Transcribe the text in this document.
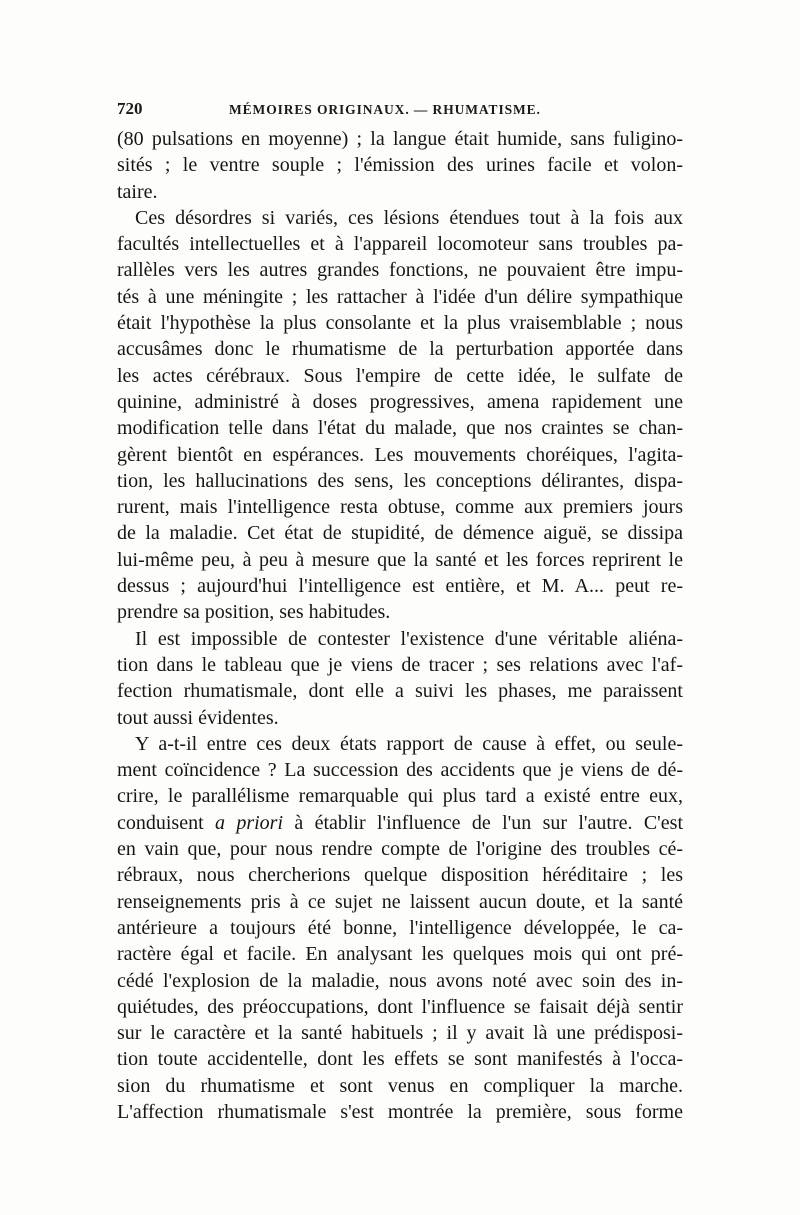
720	MÉMOIRES ORIGINAUX. — RHUMATISME.
(80 pulsations en moyenne) ; la langue était humide, sans fuligino-
sités ; le ventre souple ; l'émission des urines facile et volon-
taire.
Ces désordres si variés, ces lésions étendues tout à la fois aux
facultés intellectuelles et à l'appareil locomoteur sans troubles pa-
rallèles vers les autres grandes fonctions, ne pouvaient être impu-
tés à une méningite ; les rattacher à l'idée d'un délire sympathique
était l'hypothèse la plus consolante et la plus vraisemblable ; nous
accusâmes donc le rhumatisme de la perturbation apportée dans
les actes cérébraux. Sous l'empire de cette idée, le sulfate de
quinine, administré à doses progressives, amena rapidement une
modification telle dans l'état du malade, que nos craintes se chan-
gèrent bientôt en espérances. Les mouvements choréiques, l'agita-
tion, les hallucinations des sens, les conceptions délirantes, dispa-
rurent, mais l'intelligence resta obtuse, comme aux premiers jours
de la maladie. Cet état de stupidité, de démence aiguë, se dissipa
lui-même peu, à peu à mesure que la santé et les forces reprirent le
dessus ; aujourd'hui l'intelligence est entière, et M. A... peut re-
prendre sa position, ses habitudes.
Il est impossible de contester l'existence d'une véritable aliéna-
tion dans le tableau que je viens de tracer ; ses relations avec l'af-
fection rhumatismale, dont elle a suivi les phases, me paraissent
tout aussi évidentes.
Y a-t-il entre ces deux états rapport de cause à effet, ou seule-
ment coïncidence ? La succession des accidents que je viens de dé-
crire, le parallélisme remarquable qui plus tard a existé entre eux,
conduisent a priori à établir l'influence de l'un sur l'autre. C'est
en vain que, pour nous rendre compte de l'origine des troubles cé-
rébraux, nous chercherions quelque disposition héréditaire ; les
renseignements pris à ce sujet ne laissent aucun doute, et la santé
antérieure a toujours été bonne, l'intelligence développée, le ca-
ractère égal et facile. En analysant les quelques mois qui ont pré-
cédé l'explosion de la maladie, nous avons noté avec soin des in-
quiétudes, des préoccupations, dont l'influence se faisait déjà sentir
sur le caractère et la santé habituels ; il y avait là une prédisposi-
tion toute accidentelle, dont les effets se sont manifestés à l'occa-
sion du rhumatisme et sont venus en compliquer la marche.
L'affection rhumatismale s'est montrée la première, sous forme
